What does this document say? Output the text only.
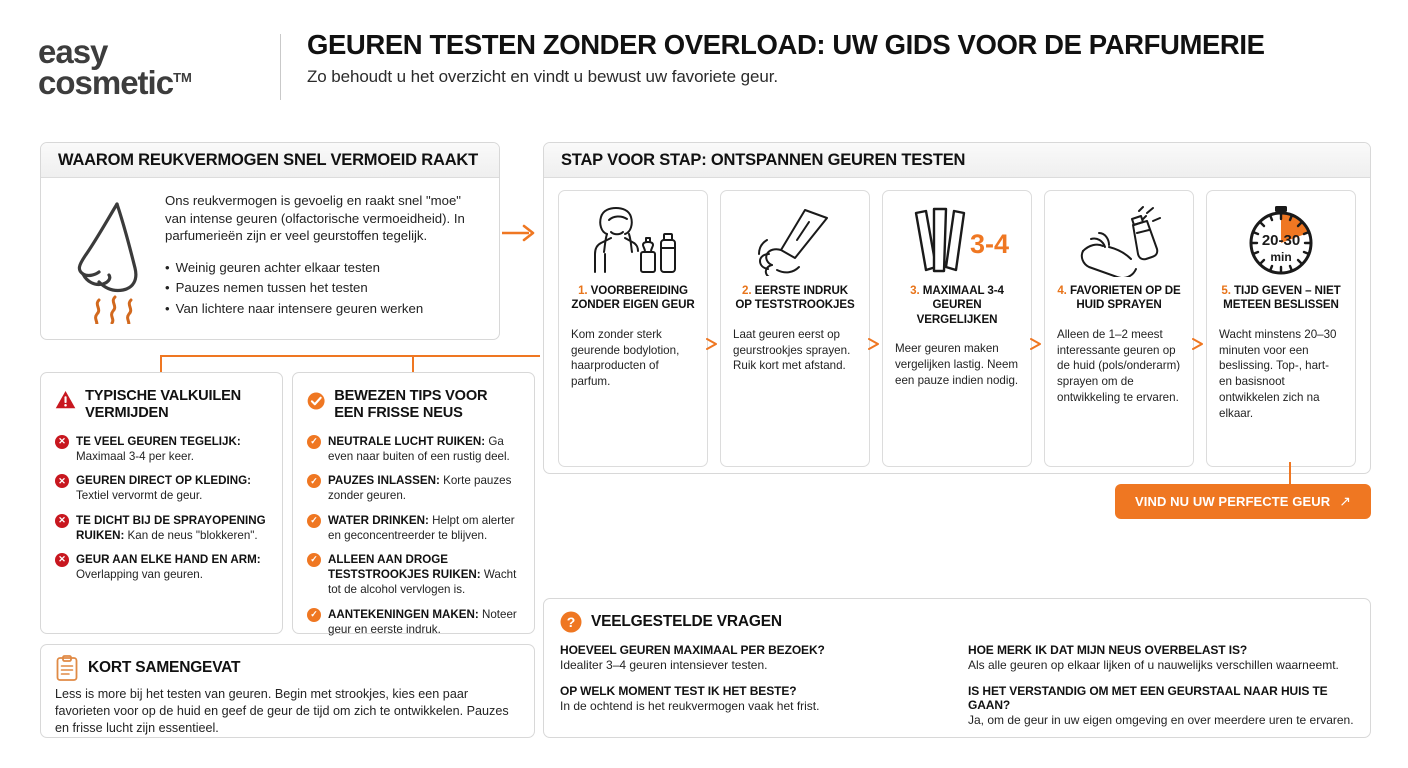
easy
cosmetic™
GEUREN TESTEN ZONDER OVERLOAD: UW GIDS VOOR DE PARFUMERIE
Zo behoudt u het overzicht en vindt u bewust uw favoriete geur.
WAAROM REUKVERMOGEN SNEL VERMOEID RAAKT
Ons reukvermogen is gevoelig en raakt snel "moe" van intense geuren (olfactorische vermoeidheid). In parfumerieën zijn er veel geurstoffen tegelijk.
• Weinig geuren achter elkaar testen
• Pauzes nemen tussen het testen
• Van lichtere naar intensere geuren werken
STAP VOOR STAP: ONTSPANNEN GEUREN TESTEN
1. VOORBEREIDING ZONDER EIGEN GEUR
Kom zonder sterk geurende bodylotion, haarproducten of parfum.
2. EERSTE INDRUK OP TESTSTROOKJES
Laat geuren eerst op geurstrookjes sprayen. Ruik kort met afstand.
3-4
3. MAXIMAAL 3-4 GEUREN VERGELIJKEN
Meer geuren maken vergelijken lastig. Neem een pauze indien nodig.
4. FAVORIETEN OP DE HUID SPRAYEN
Alleen de 1–2 meest interessante geuren op de huid (pols/onderarm) sprayen om de ontwikkeling te ervaren.
20-30
min
5. TIJD GEVEN – NIET METEEN BESLISSEN
Wacht minstens 20–30 minuten voor een beslissing. Top-, hart- en basisnoot ontwikkelen zich na elkaar.
TYPISCHE VALKUILEN VERMIJDEN
✕ TE VEEL GEUREN TEGELIJK: Maximaal 3-4 per keer.
✕ GEUREN DIRECT OP KLEDING: Textiel vervormt de geur.
✕ TE DICHT BIJ DE SPRAYOPENING RUIKEN: Kan de neus "blokkeren".
✕ GEUR AAN ELKE HAND EN ARM: Overlapping van geuren.
BEWEZEN TIPS VOOR EEN FRISSE NEUS
✓ NEUTRALE LUCHT RUIKEN: Ga even naar buiten of een rustig deel.
✓ PAUZES INLASSEN: Korte pauzes zonder geuren.
✓ WATER DRINKEN: Helpt om alerter en geconcentreerder te blijven.
✓ ALLEEN AAN DROGE TESTSTROOKJES RUIKEN: Wacht tot de alcohol vervlogen is.
✓ AANTEKENINGEN MAKEN: Noteer geur en eerste indruk.
KORT SAMENGEVAT
Less is more bij het testen van geuren. Begin met strookjes, kies een paar favorieten voor op de huid en geef de geur de tijd om zich te ontwikkelen. Pauzes en frisse lucht zijn essentieel.
? VEELGESTELDE VRAGEN
HOEVEEL GEUREN MAXIMAAL PER BEZOEK?
Idealiter 3–4 geuren intensiever testen.
HOE MERK IK DAT MIJN NEUS OVERBELAST IS?
Als alle geuren op elkaar lijken of u nauwelijks verschillen waarneemt.
OP WELK MOMENT TEST IK HET BESTE?
In de ochtend is het reukvermogen vaak het frist.
IS HET VERSTANDIG OM MET EEN GEURSTAAL NAAR HUIS TE GAAN?
Ja, om de geur in uw eigen omgeving en over meerdere uren te ervaren.
VIND NU UW PERFECTE GEUR ↗
